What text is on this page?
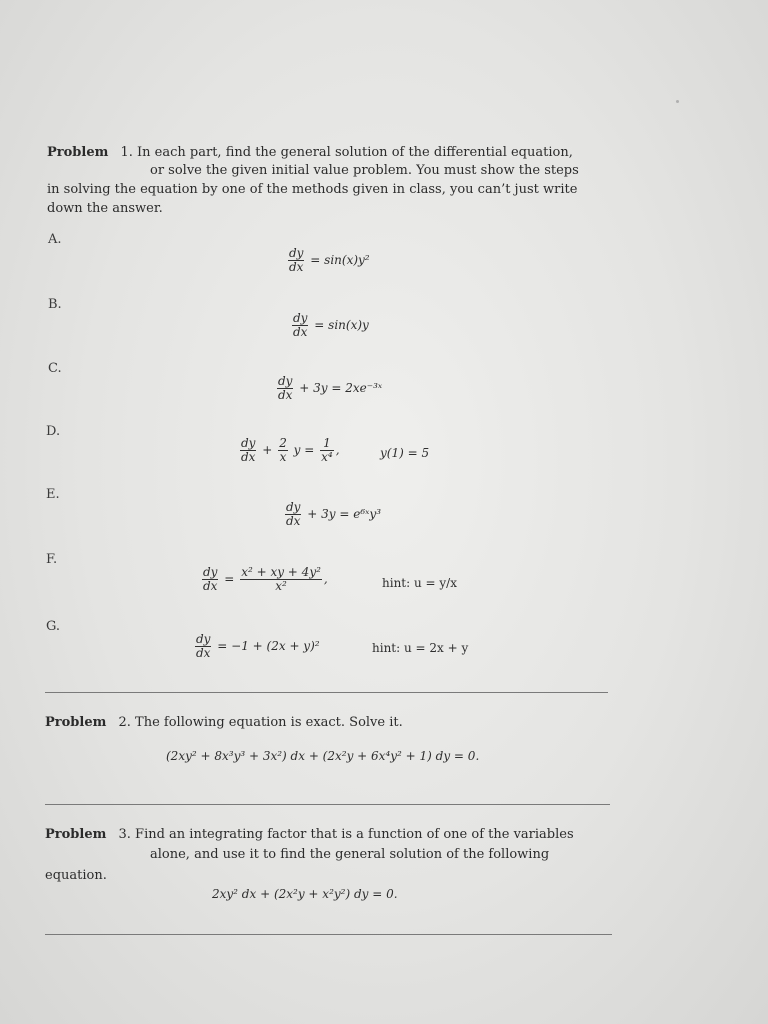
Problem 1. In each part, find the general solution of the differential equation,
or solve the given initial value problem. You must show the steps
in solving the equation by one of the methods given in class, you can’t just write
down the answer.
A.
$\frac{dy}{dx} = \sin(x)y^2$
B.
$\frac{dy}{dx} = \sin(x)y$
C.
$\frac{dy}{dx} + 3y$ = 2xe⁻³ˣ
D.
$\frac{dy}{dx} + \frac{2}{x}$ $y = \frac{1}{\text{x⁴}}$ ,	y(1) = 5
E.
$\frac{dy}{dx} + 3y$ = e⁶ˣy³
F.
$\frac{dy}{dx} = \frac{\text{x² + xy + 4y²}}{\text{x²}}$ ,	hint: u = y/x
G.
$\frac{dy}{dx} = -1 + (2x + y)^2$	hint: u = 2x + y
Problem 2. The following equation is exact. Solve it.
(2xy² + 8x³y³ + 3x²) dx + (2x²y + 6x⁴y² + 1) dy = 0.
Problem 3. Find an integrating factor that is a function of one of the variables
alone, and use it to find the general solution of the following
equation.
2xy² dx + (2x²y + x²y²) dy = 0.
